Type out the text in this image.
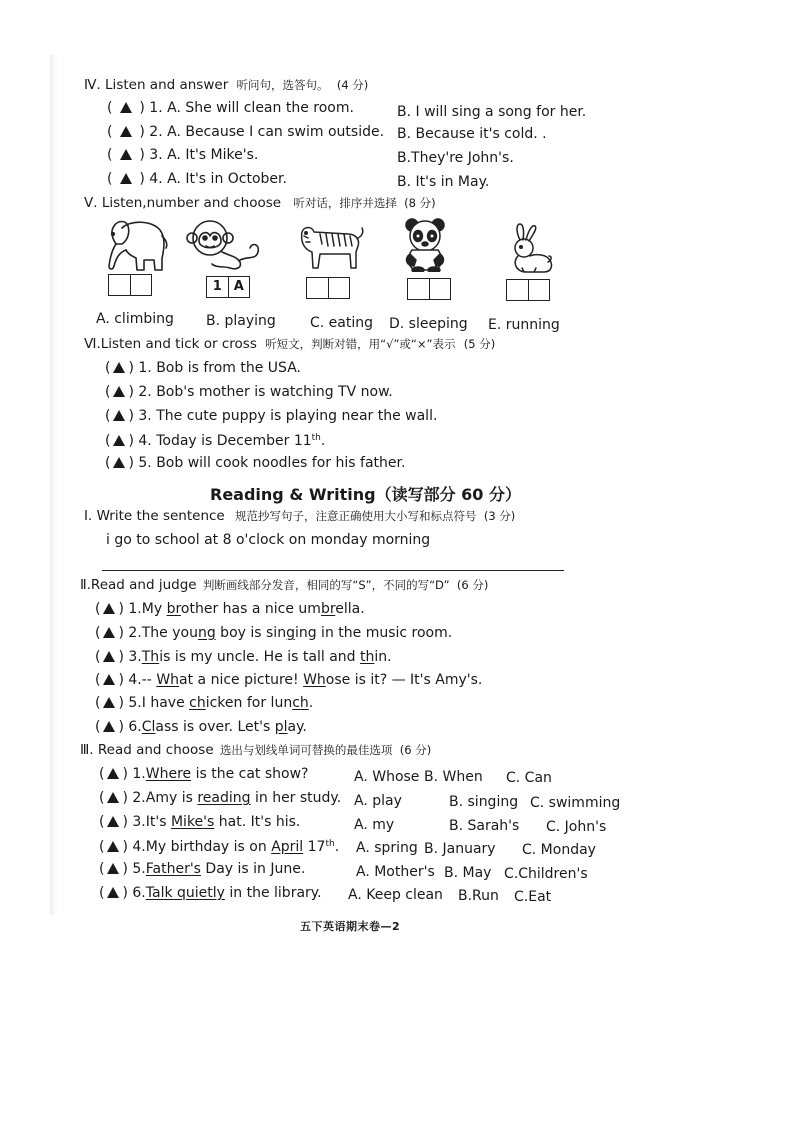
Ⅳ. Listen and answer 听问句，选答句。 (4 分)
( ) 1. A. She will clean the room.	B. I will sing a song for her.
( ) 2. A. Because I can swim outside. B. Because it's cold. .
( ) 3. A. It's Mike's.	B.They're John's.
( ) 4. A. It's in October.	B. It's in May.
Ⅴ. Listen,number and choose 听对话，排序并选择 (8 分)
1 A
A. climbing B. playing C. eating D. sleeping E. running
Ⅵ.Listen and tick or cross 听短文，判断对错，用“√”或“×”表示 (5 分)
( ) 1. Bob is from the USA.
( ) 2. Bob's mother is watching TV now.
( ) 3. The cute puppy is playing near the wall.
( ) 4. Today is December 11th.
( ) 5. Bob will cook noodles for his father.
Reading & Writing（读写部分 60 分）
Ⅰ. Write the sentence 规范抄写句子，注意正确使用大小写和标点符号 (3 分)
i go to school at 8 o'clock on monday morning
Ⅱ.Read and judge 判断画线部分发音，相同的写“S”，不同的写“D” (6 分)
( ) 1.My brother has a nice umbrella.
( ) 2.The young boy is singing in the music room.
( ) 3.This is my uncle. He is tall and thin.
( ) 4.-- What a nice picture! Whose is it? — It's Amy's.
( ) 5.I have chicken for lunch.
( ) 6.Class is over. Let's play.
Ⅲ. Read and choose 选出与划线单词可替换的最佳选项 (6 分)
( ) 1.Where is the cat show?	A. Whose B. When C. Can
( ) 2.Amy is reading in her study. A. play	B. singing C. swimming
( ) 3.It's Mike's hat. It's his.	A. my	B. Sarah's C. John's
( ) 4.My birthday is on April 17th. A. spring B. January C. Monday
( ) 5.Father's Day is in June.	A. Mother's B. May C.Children's
( ) 6.Talk quietly in the library. A. Keep clean B.Run C.Eat
五下英语期末卷—2
